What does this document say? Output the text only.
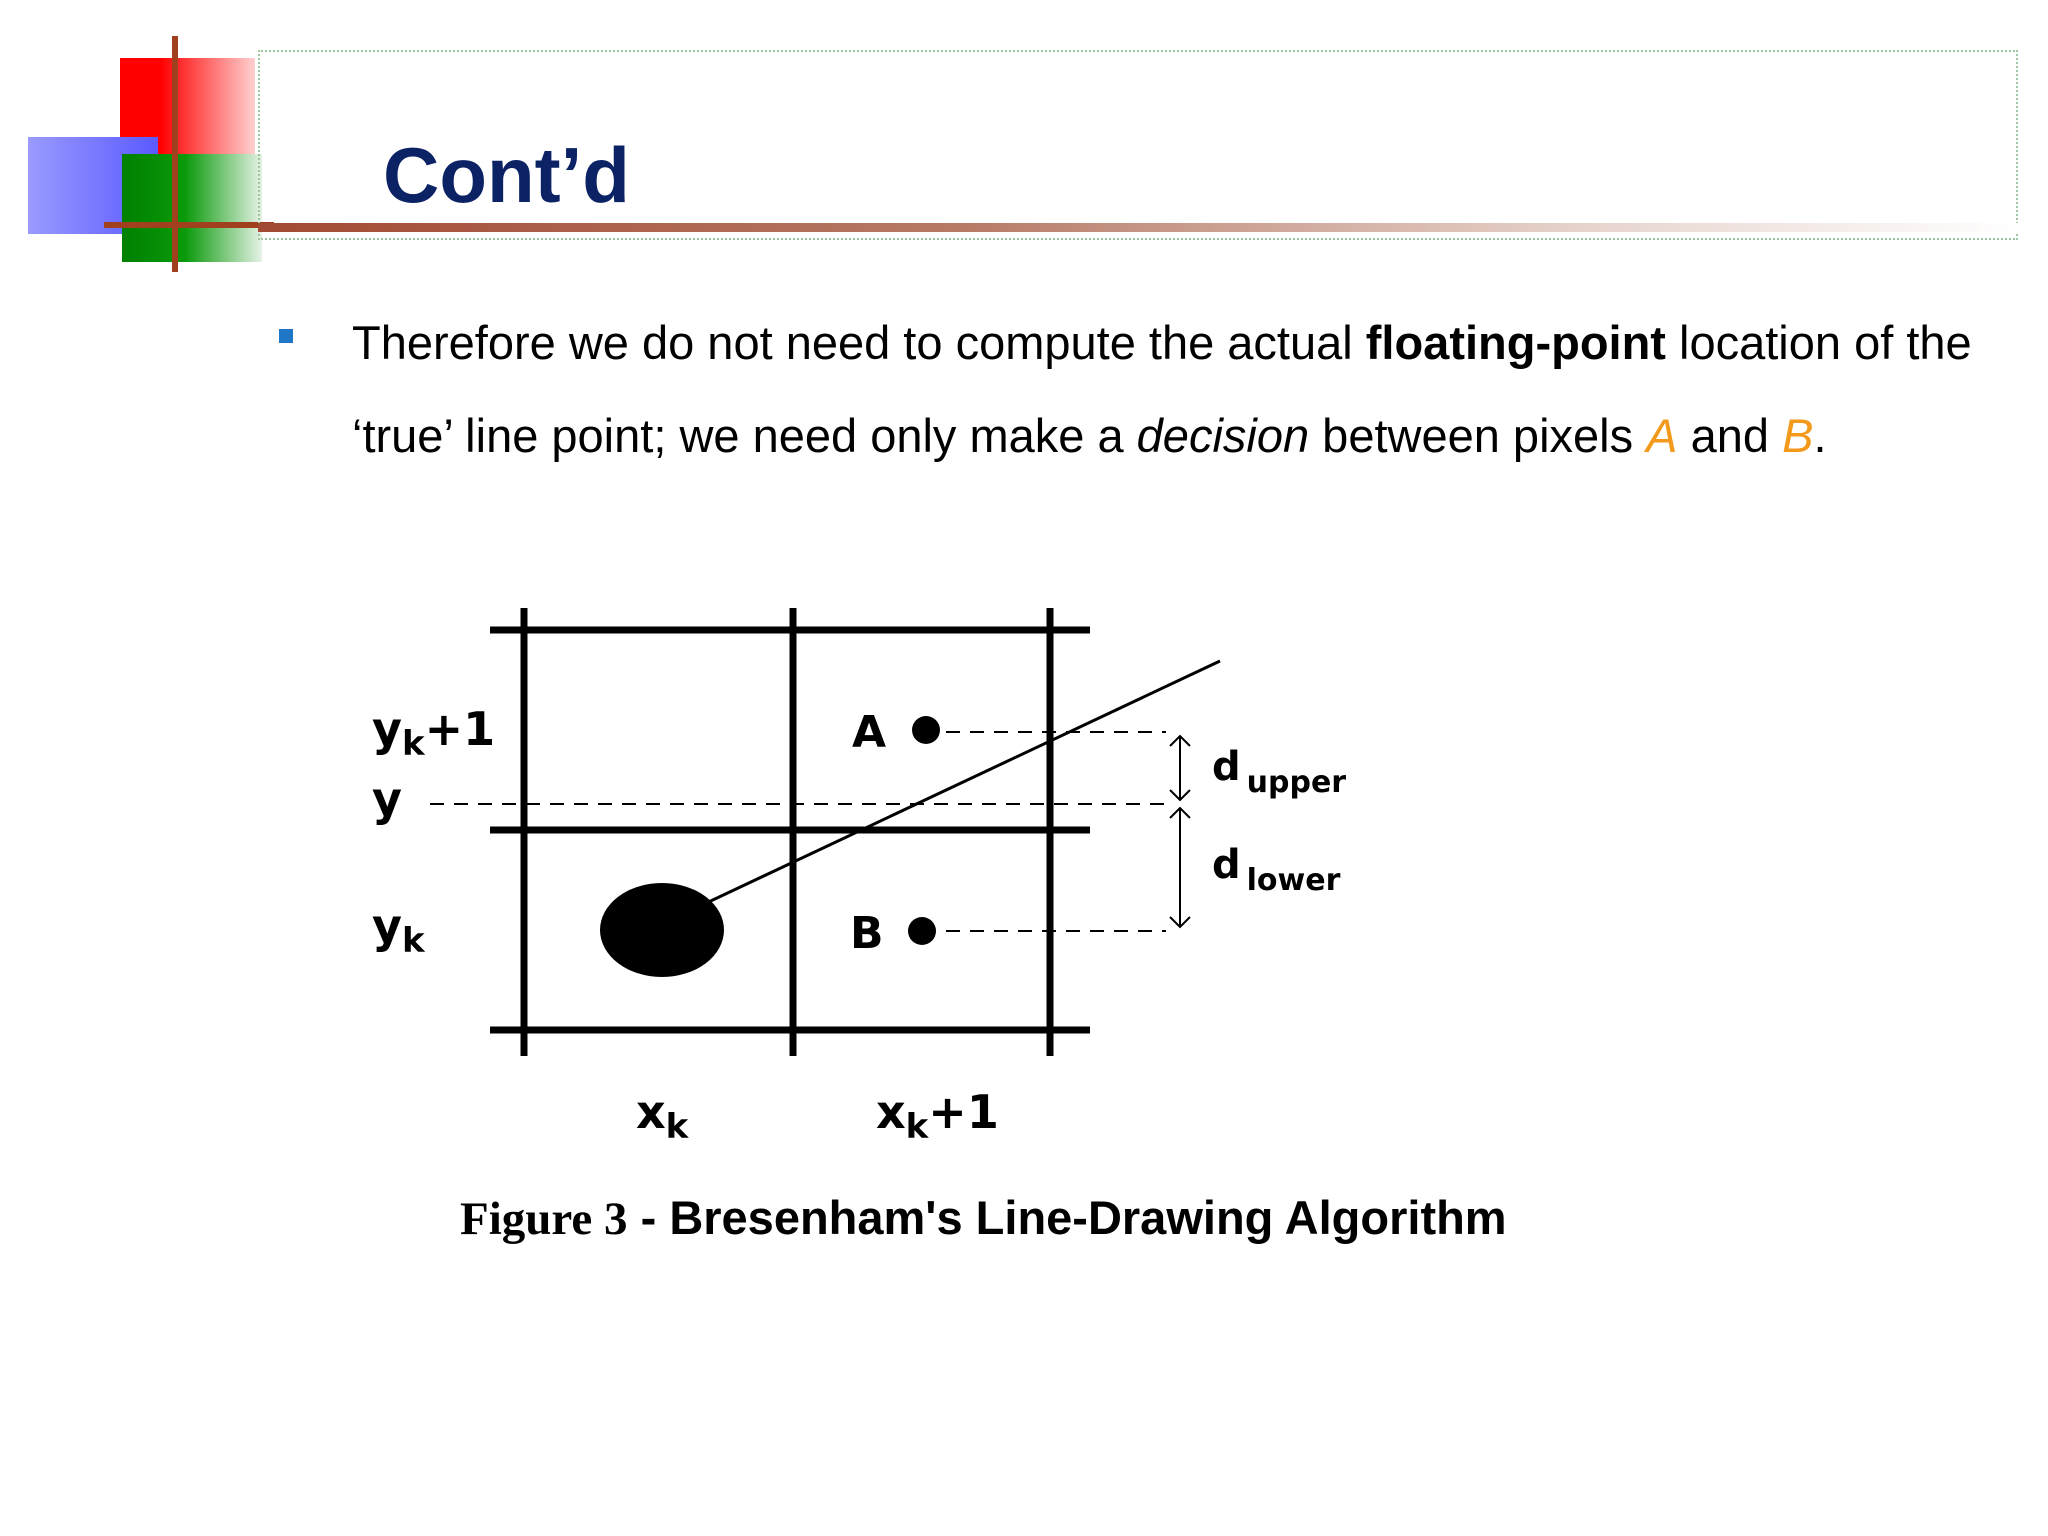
Cont’d

Therefore we do not need to compute the actual floating-point location of the ‘true’ line point; we need only make a decision between pixels A and B.

$y_k+1$
y
$y_k$
$x_k$	$x_k+1$
A
B
d $_{upper}$
d $_{lower}$

Figure 3 - Bresenham's Line-Drawing Algorithm
